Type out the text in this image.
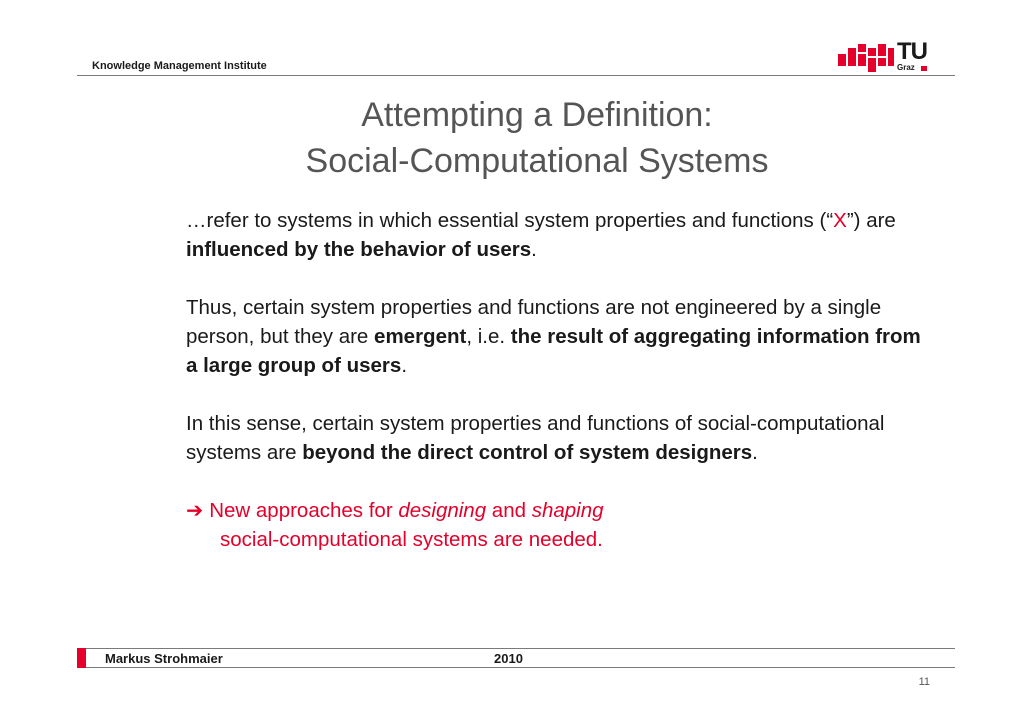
Knowledge Management Institute
TU
Graz
Attempting a Definition:
Social-Computational Systems

…refer to systems in which essential system properties and functions (“X”) are influenced by the behavior of users.

Thus, certain system properties and functions are not engineered by a single person, but they are emergent, i.e. the result of aggregating information from a large group of users.

In this sense, certain system properties and functions of social-computational systems are beyond the direct control of system designers.

➔ New approaches for designing and shaping
social-computational systems are needed.

Markus Strohmaier	2010
11
